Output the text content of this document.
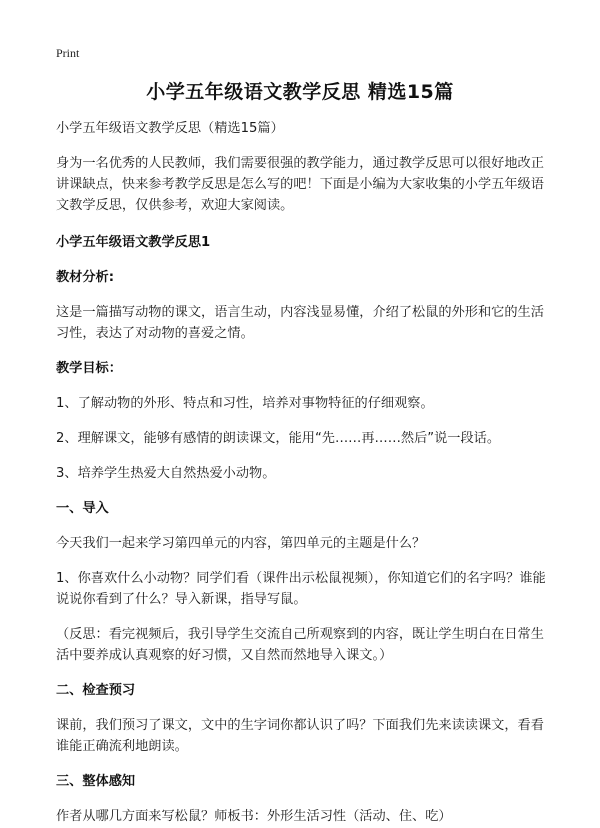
Print
小学五年级语文教学反思 精选15篇

小学五年级语文教学反思（精选15篇）

身为一名优秀的人民教师，我们需要很强的教学能力，通过教学反思可以很好地改正讲课缺点，快来参考教学反思是怎么写的吧！下面是小编为大家收集的小学五年级语文教学反思，仅供参考，欢迎大家阅读。

小学五年级语文教学反思1

教材分析:

这是一篇描写动物的课文，语言生动，内容浅显易懂，介绍了松鼠的外形和它的生活习性，表达了对动物的喜爱之情。

教学目标：

1、了解动物的外形、特点和习性，培养对事物特征的仔细观察。

2、理解课文，能够有感情的朗读课文，能用“先……再……然后”说一段话。

3、培养学生热爱大自然热爱小动物。

一、导入

今天我们一起来学习第四单元的内容，第四单元的主题是什么？

1、你喜欢什么小动物？同学们看（课件出示松鼠视频），你知道它们的名字吗？谁能说说你看到了什么？导入新课，指导写鼠。

（反思：看完视频后，我引导学生交流自己所观察到的内容，既让学生明白在日常生活中要养成认真观察的好习惯，又自然而然地导入课文。）

二、检查预习

课前，我们预习了课文，文中的生字词你都认识了吗？下面我们先来读读课文，看看谁能正确流利地朗读。

三、整体感知

作者从哪几方面来写松鼠？师板书：外形生活习性（活动、住、吃）
